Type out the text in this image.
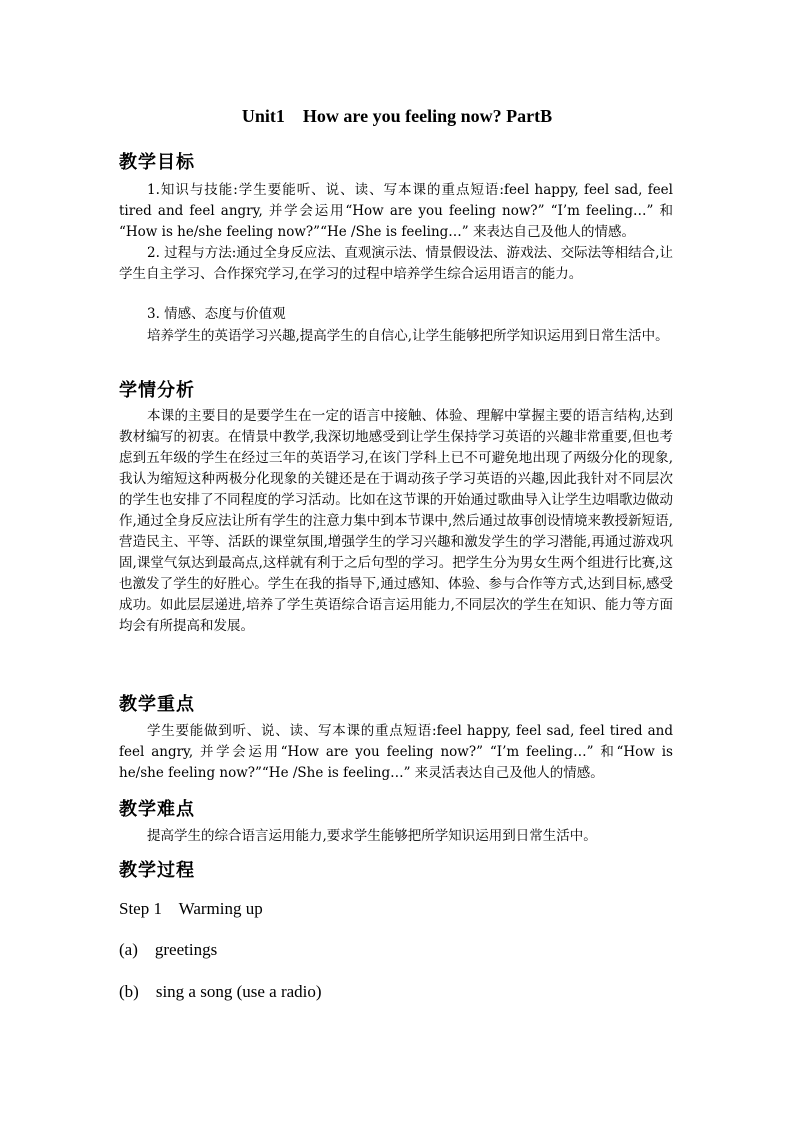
Unit1    How are you feeling now? PartB
教学目标
1.知识与技能:学生要能听、说、读、写本课的重点短语:feel happy, feel sad, feel tired and feel angry, 并学会运用“How are you feeling now?” “I’m feeling…” 和 “How is he/she feeling now?”“He /She is feeling…” 来表达自己及他人的情感。
2. 过程与方法:通过全身反应法、直观演示法、情景假设法、游戏法、交际法等相结合,让学生自主学习、合作探究学习,在学习的过程中培养学生综合运用语言的能力。
3. 情感、态度与价值观
培养学生的英语学习兴趣,提高学生的自信心,让学生能够把所学知识运用到日常生活中。
学情分析
本课的主要目的是要学生在一定的语言中接触、体验、理解中掌握主要的语言结构,达到教材编写的初衷。在情景中教学,我深切地感受到让学生保持学习英语的兴趣非常重要,但也考虑到五年级的学生在经过三年的英语学习,在该门学科上已不可避免地出现了两级分化的现象,我认为缩短这种两极分化现象的关键还是在于调动孩子学习英语的兴趣,因此我针对不同层次的学生也安排了不同程度的学习活动。比如在这节课的开始通过歌曲导入让学生边唱歌边做动作,通过全身反应法让所有学生的注意力集中到本节课中,然后通过故事创设情境来教授新短语,营造民主、平等、活跃的课堂氛围,增强学生的学习兴趣和激发学生的学习潜能,再通过游戏巩固,课堂气氛达到最高点,这样就有利于之后句型的学习。把学生分为男女生两个组进行比赛,这也激发了学生的好胜心。学生在我的指导下,通过感知、体验、参与合作等方式,达到目标,感受成功。如此层层递进,培养了学生英语综合语言运用能力,不同层次的学生在知识、能力等方面均会有所提高和发展。
教学重点
学生要能做到听、说、读、写本课的重点短语:feel happy, feel sad, feel tired and feel angry, 并学会运用“How are you feeling now?” “I’m feeling…” 和“How is he/she feeling now?”“He /She is feeling…” 来灵活表达自己及他人的情感。
教学难点
提高学生的综合语言运用能力,要求学生能够把所学知识运用到日常生活中。
教学过程
Step 1    Warming up
(a)    greetings
(b)    sing a song (use a radio)
